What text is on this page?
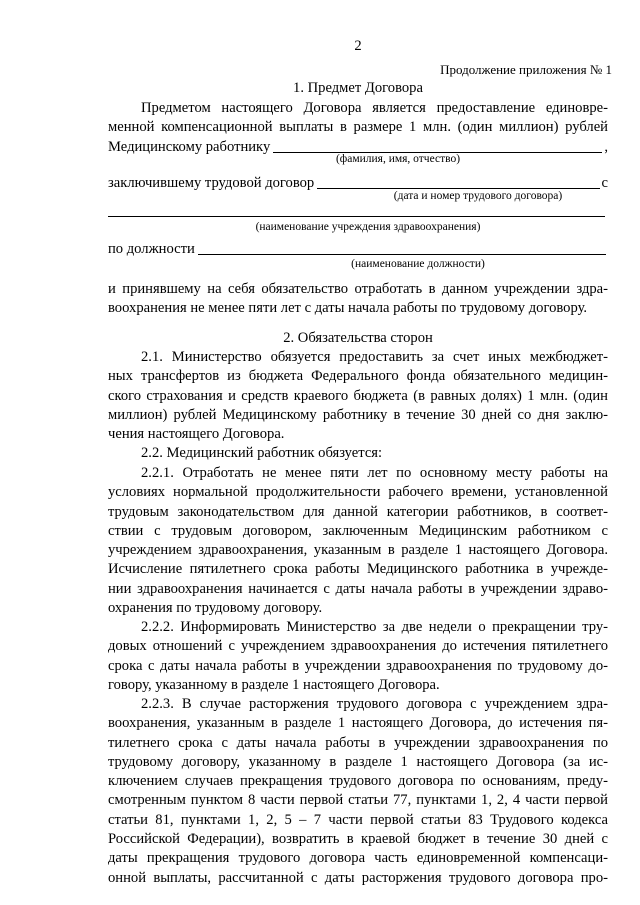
2
Продолжение приложения № 1
1. Предмет Договора
Предметом настоящего Договора является предоставление единовре-
менной компенсационной выплаты в размере 1 млн. (один миллион) рублей
Медицинскому работнику	,
(фамилия, имя, отчество)
заключившему трудовой договор	с
(дата и номер трудового договора)
(наименование учреждения здравоохранения)
по должности
(наименование должности)
и принявшему на себя обязательство отработать в данном учреждении здра-
воохранения не менее пяти лет с даты начала работы по трудовому договору.
2. Обязательства сторон
2.1. Министерство обязуется предоставить за счет иных межбюджет-
ных трансфертов из бюджета Федерального фонда обязательного медицин-
ского страхования и средств краевого бюджета (в равных долях) 1 млн. (один
миллион) рублей Медицинскому работнику в течение 30 дней со дня заклю-
чения настоящего Договора.
2.2. Медицинский работник обязуется:
2.2.1. Отработать не менее пяти лет по основному месту работы на
условиях нормальной продолжительности рабочего времени, установленной
трудовым законодательством для данной категории работников, в соответ-
ствии с трудовым договором, заключенным Медицинским работником с
учреждением здравоохранения, указанным в разделе 1 настоящего Договора.
Исчисление пятилетнего срока работы Медицинского работника в учрежде-
нии здравоохранения начинается с даты начала работы в учреждении здраво-
охранения по трудовому договору.
2.2.2. Информировать Министерство за две недели о прекращении тру-
довых отношений с учреждением здравоохранения до истечения пятилетнего
срока с даты начала работы в учреждении здравоохранения по трудовому до-
говору, указанному в разделе 1 настоящего Договора.
2.2.3. В случае расторжения трудового договора с учреждением здра-
воохранения, указанным в разделе 1 настоящего Договора, до истечения пя-
тилетнего срока с даты начала работы в учреждении здравоохранения по
трудовому договору, указанному в разделе 1 настоящего Договора (за ис-
ключением случаев прекращения трудового договора по основаниям, преду-
смотренным пунктом 8 части первой статьи 77, пунктами 1, 2, 4 части первой
статьи 81, пунктами 1, 2, 5 – 7 части первой статьи 83 Трудового кодекса
Российской Федерации), возвратить в краевой бюджет в течение 30 дней с
даты прекращения трудового договора часть единовременной компенсаци-
онной выплаты, рассчитанной с даты расторжения трудового договора про-
